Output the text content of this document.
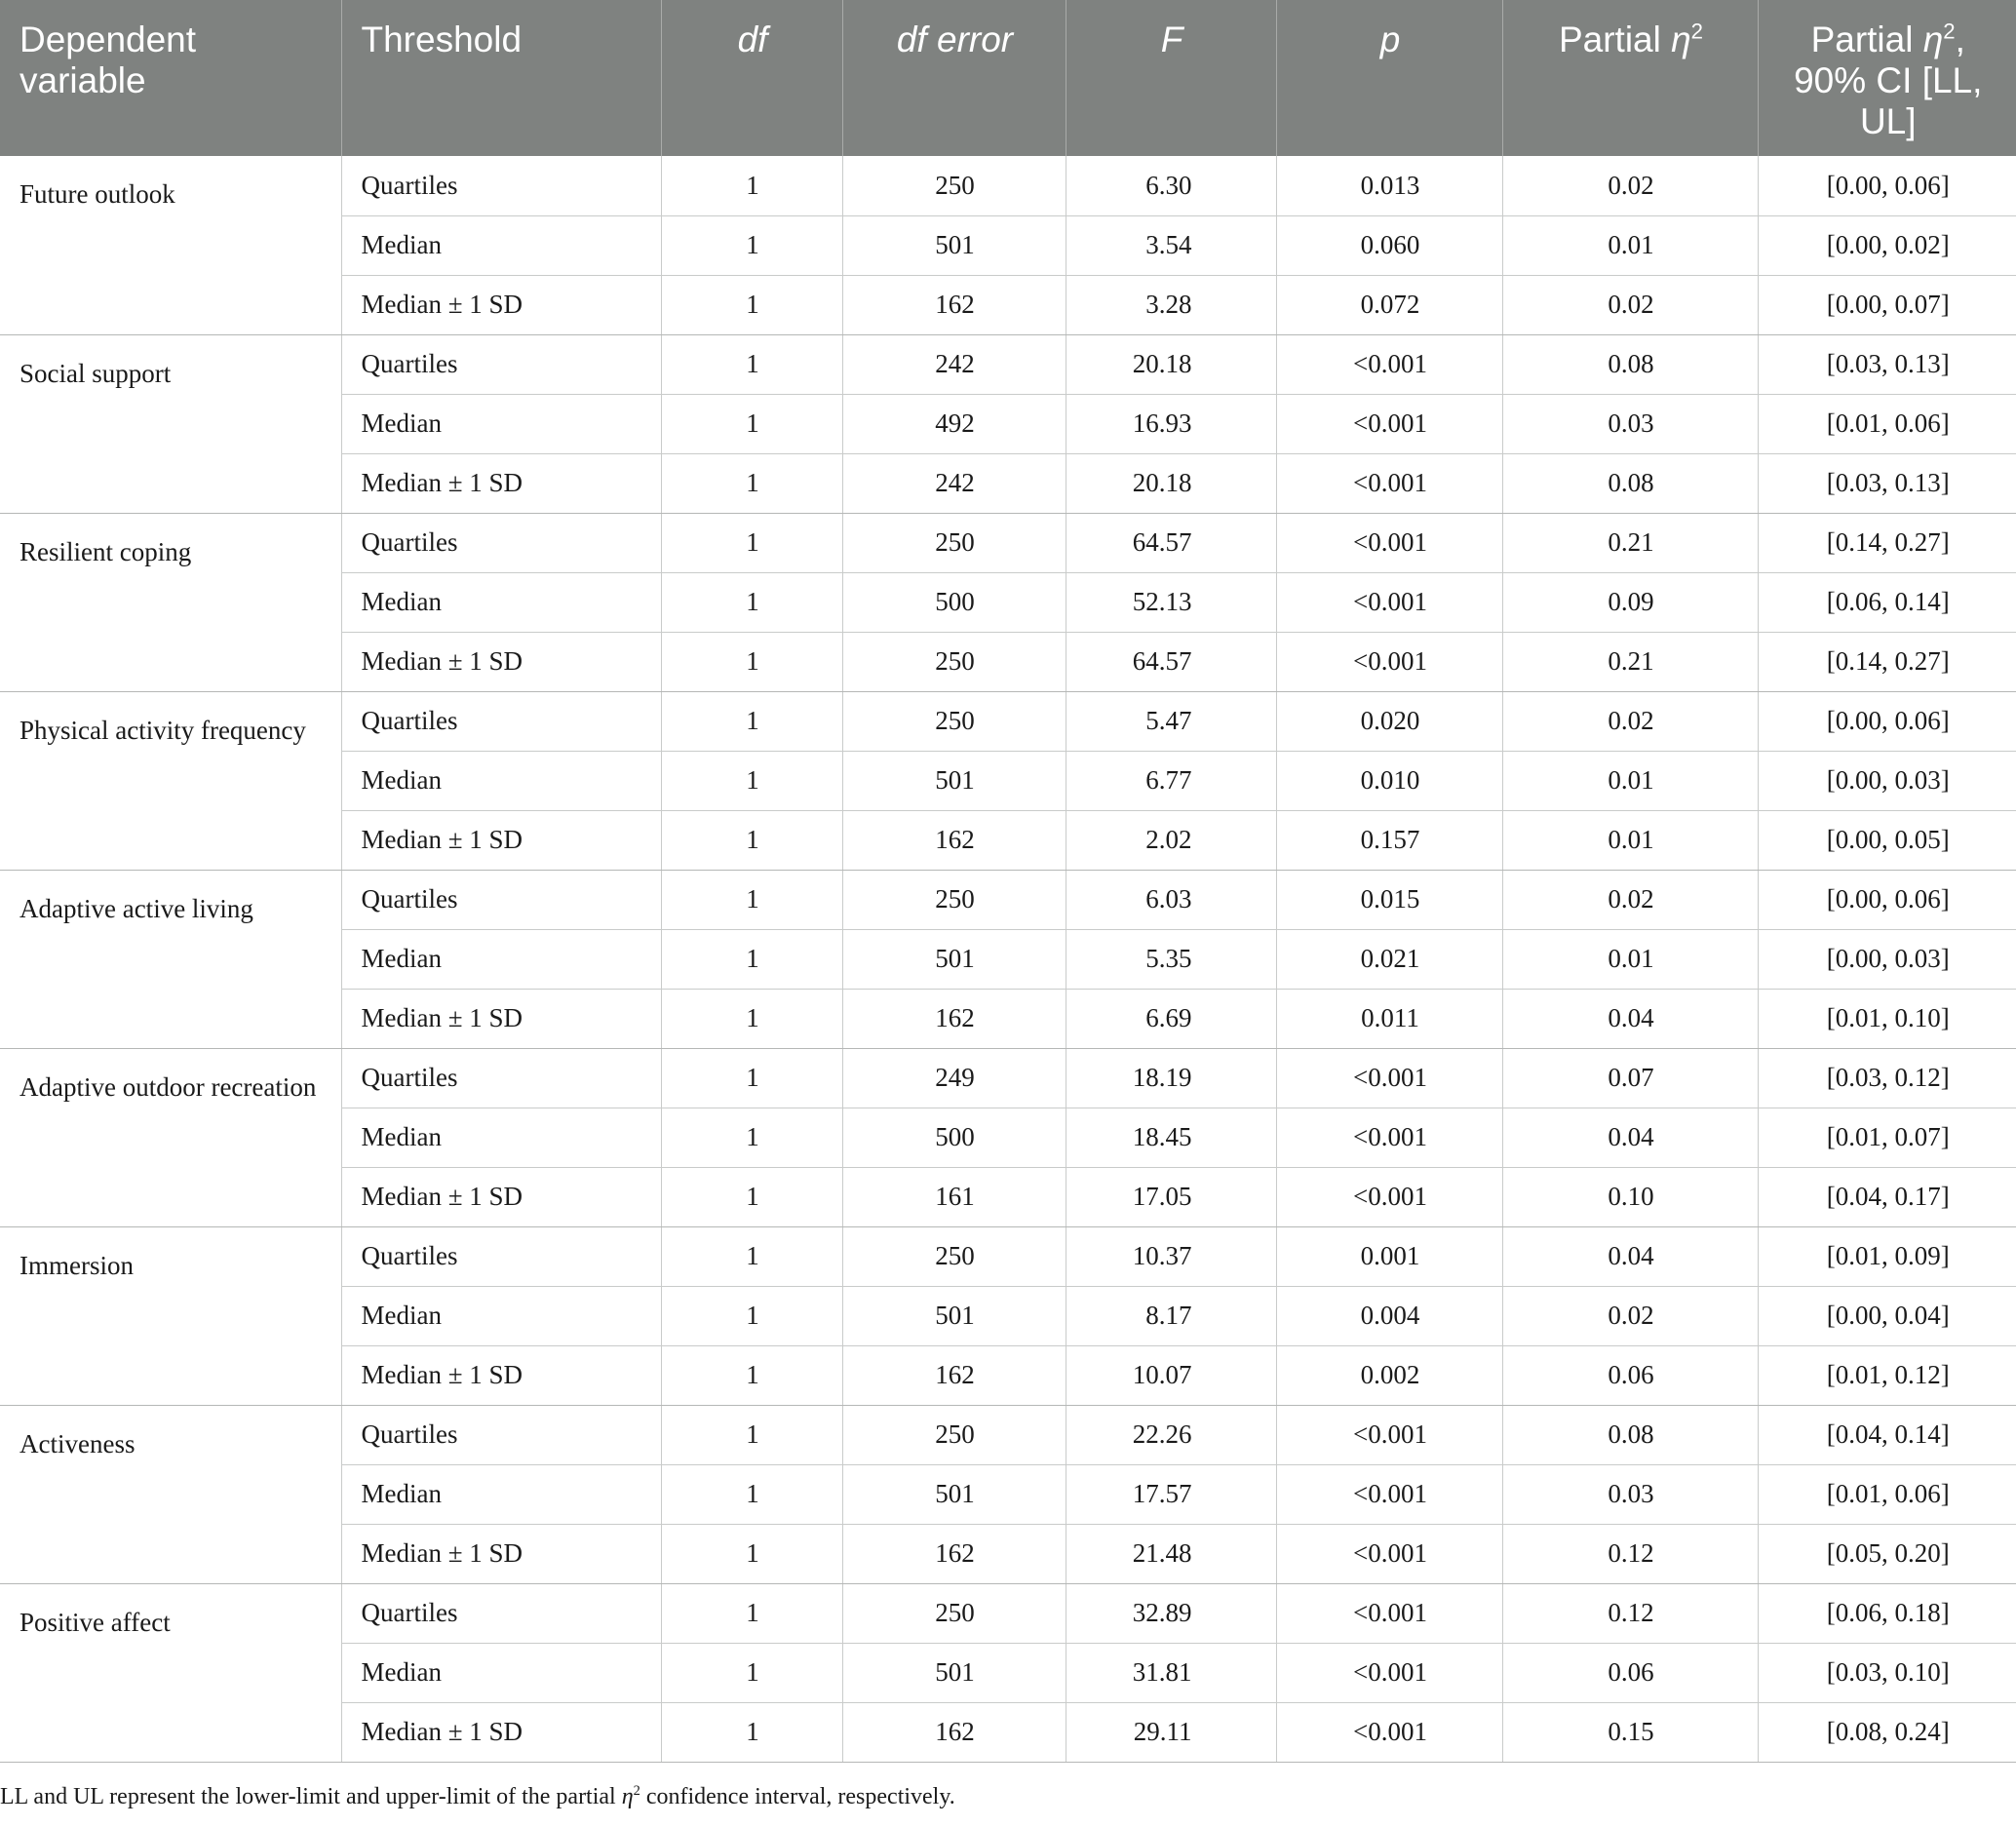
Dependent variable	Threshold	df	df error	F	p	Partial $\eta^2$	Partial $\eta^2$, 90% CI [LL, UL]
Future outlook	Quartiles	1	250	6.30	0.013	0.02	[0.00, 0.06]
	Median	1	501	3.54	0.060	0.01	[0.00, 0.02]
	Median ± 1 SD	1	162	3.28	0.072	0.02	[0.00, 0.07]
Social support	Quartiles	1	242	20.18	<0.001	0.08	[0.03, 0.13]
	Median	1	492	16.93	<0.001	0.03	[0.01, 0.06]
	Median ± 1 SD	1	242	20.18	<0.001	0.08	[0.03, 0.13]
Resilient coping	Quartiles	1	250	64.57	<0.001	0.21	[0.14, 0.27]
	Median	1	500	52.13	<0.001	0.09	[0.06, 0.14]
	Median ± 1 SD	1	250	64.57	<0.001	0.21	[0.14, 0.27]
Physical activity frequency	Quartiles	1	250	5.47	0.020	0.02	[0.00, 0.06]
	Median	1	501	6.77	0.010	0.01	[0.00, 0.03]
	Median ± 1 SD	1	162	2.02	0.157	0.01	[0.00, 0.05]
Adaptive active living	Quartiles	1	250	6.03	0.015	0.02	[0.00, 0.06]
	Median	1	501	5.35	0.021	0.01	[0.00, 0.03]
	Median ± 1 SD	1	162	6.69	0.011	0.04	[0.01, 0.10]
Adaptive outdoor recreation	Quartiles	1	249	18.19	<0.001	0.07	[0.03, 0.12]
	Median	1	500	18.45	<0.001	0.04	[0.01, 0.07]
	Median ± 1 SD	1	161	17.05	<0.001	0.10	[0.04, 0.17]
Immersion	Quartiles	1	250	10.37	0.001	0.04	[0.01, 0.09]
	Median	1	501	8.17	0.004	0.02	[0.00, 0.04]
	Median ± 1 SD	1	162	10.07	0.002	0.06	[0.01, 0.12]
Activeness	Quartiles	1	250	22.26	<0.001	0.08	[0.04, 0.14]
	Median	1	501	17.57	<0.001	0.03	[0.01, 0.06]
	Median ± 1 SD	1	162	21.48	<0.001	0.12	[0.05, 0.20]
Positive affect	Quartiles	1	250	32.89	<0.001	0.12	[0.06, 0.18]
	Median	1	501	31.81	<0.001	0.06	[0.03, 0.10]
	Median ± 1 SD	1	162	29.11	<0.001	0.15	[0.08, 0.24]
LL and UL represent the lower-limit and upper-limit of the partial $\eta^2$ confidence interval, respectively.
